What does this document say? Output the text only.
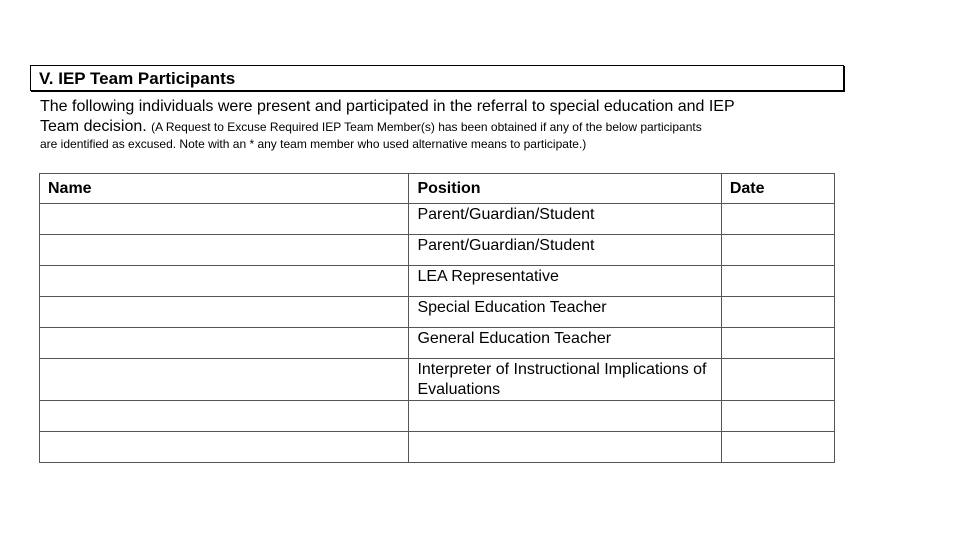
V. IEP Team Participants
The following individuals were present and participated in the referral to special education and IEP
Team decision. (A Request to Excuse Required IEP Team Member(s) has been obtained if any of the below participants
are identified as excused. Note with an * any team member who used alternative means to participate.)
Name	Position	Date
	Parent/Guardian/Student	
	Parent/Guardian/Student	
	LEA Representative	
	Special Education Teacher	
	General Education Teacher	
	Interpreter of Instructional Implications of Evaluations	
